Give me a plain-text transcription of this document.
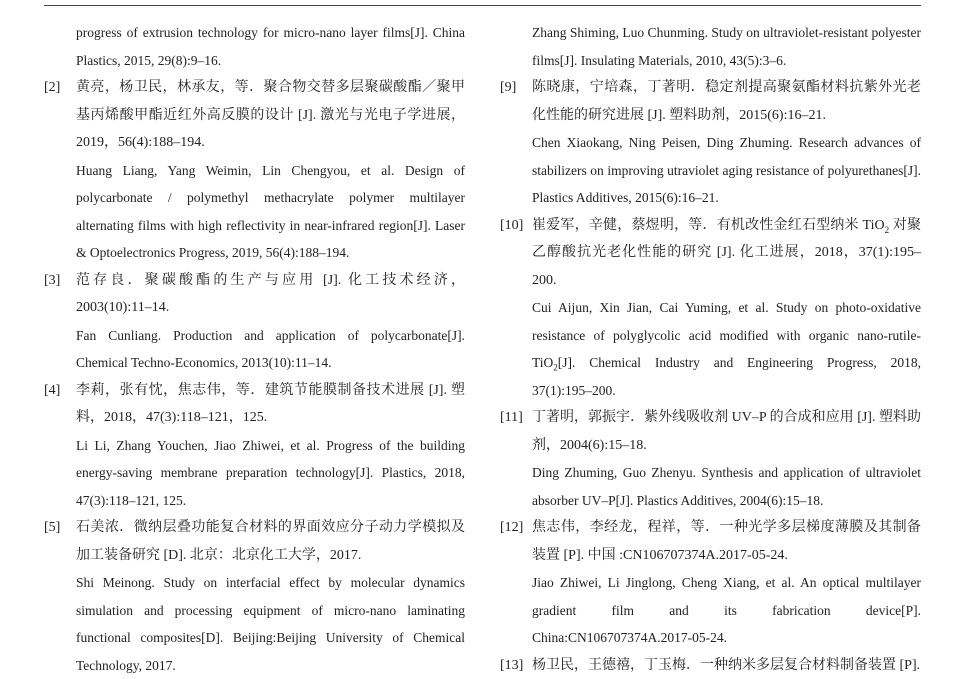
progress of extrusion technology for micro-nano layer films[J]. China Plastics, 2015, 29(8):9–16.

[2]	黄亮，杨卫民，林承友，等．聚合物交替多层聚碳酸酯／聚甲基丙烯酸甲酯近红外高反膜的设计 [J]. 激光与光电子学进展，2019，56(4):188–194.

Huang Liang, Yang Weimin, Lin Chengyou, et al. Design of polycarbonate / polymethyl methacrylate polymer multilayer alternating films with high reflectivity in near-infrared region[J]. Laser & Optoelectronics Progress, 2019, 56(4):188–194.

[3]	范存良．聚碳酸酯的生产与应用 [J]. 化工技术经济，2003(10):11–14.

Fan Cunliang. Production and application of polycarbonate[J]. Chemical Techno-Economics, 2013(10):11–14.

[4]	李莉，张有忱，焦志伟，等．建筑节能膜制备技术进展 [J]. 塑料，2018，47(3):118–121，125.

Li Li, Zhang Youchen, Jiao Zhiwei, et al. Progress of the building energy-saving membrane preparation technology[J]. Plastics, 2018, 47(3):118–121, 125.

[5]	石美浓．微纳层叠功能复合材料的界面效应分子动力学模拟及加工装备研究 [D]. 北京：北京化工大学，2017.

Shi Meinong. Study on interfacial effect by molecular dynamics simulation and processing equipment of micro-nano laminating functional composites[D]. Beijing:Beijing University of Chemical Technology, 2017.

Zhang Shiming, Luo Chunming. Study on ultraviolet-resistant polyester films[J]. Insulating Materials, 2010, 43(5):3–6.

[9]	陈晓康，宁培森，丁著明．稳定剂提高聚氨酯材料抗紫外光老化性能的研究进展 [J]. 塑料助剂，2015(6):16–21.

Chen Xiaokang, Ning Peisen, Ding Zhuming. Research advances of stabilizers on improving utraviolet aging resistance of polyurethanes[J]. Plastics Additives, 2015(6):16–21.

[10] 崔爱军，辛健，蔡煜明，等．有机改性金红石型纳米 TiO$_2$ 对聚乙醇酸抗光老化性能的研究 [J]. 化工进展，2018，37(1):195–200.

Cui Aijun, Xin Jian, Cai Yuming, et al. Study on photo-oxidative resistance of polyglycolic acid modified with organic nano-rutile-TiO$_2$[J]. Chemical Industry and Engineering Progress, 2018, 37(1):195–200.

[11] 丁著明，郭振宇．紫外线吸收剂 UV–P 的合成和应用 [J]. 塑料助剂，2004(6):15–18.

Ding Zhuming, Guo Zhenyu. Synthesis and application of ultraviolet absorber UV–P[J]. Plastics Additives, 2004(6):15–18.

[12] 焦志伟，李经龙，程祥，等．一种光学多层梯度薄膜及其制备装置 [P]. 中国 :CN106707374A.2017-05-24.

Jiao Zhiwei, Li Jinglong, Cheng Xiang, et al. An optical multilayer gradient film and its fabrication device[P]. China:CN106707374A.2017-05-24.

[13] 杨卫民，王德禧，丁玉梅．一种纳米多层复合材料制备装置 [P].
